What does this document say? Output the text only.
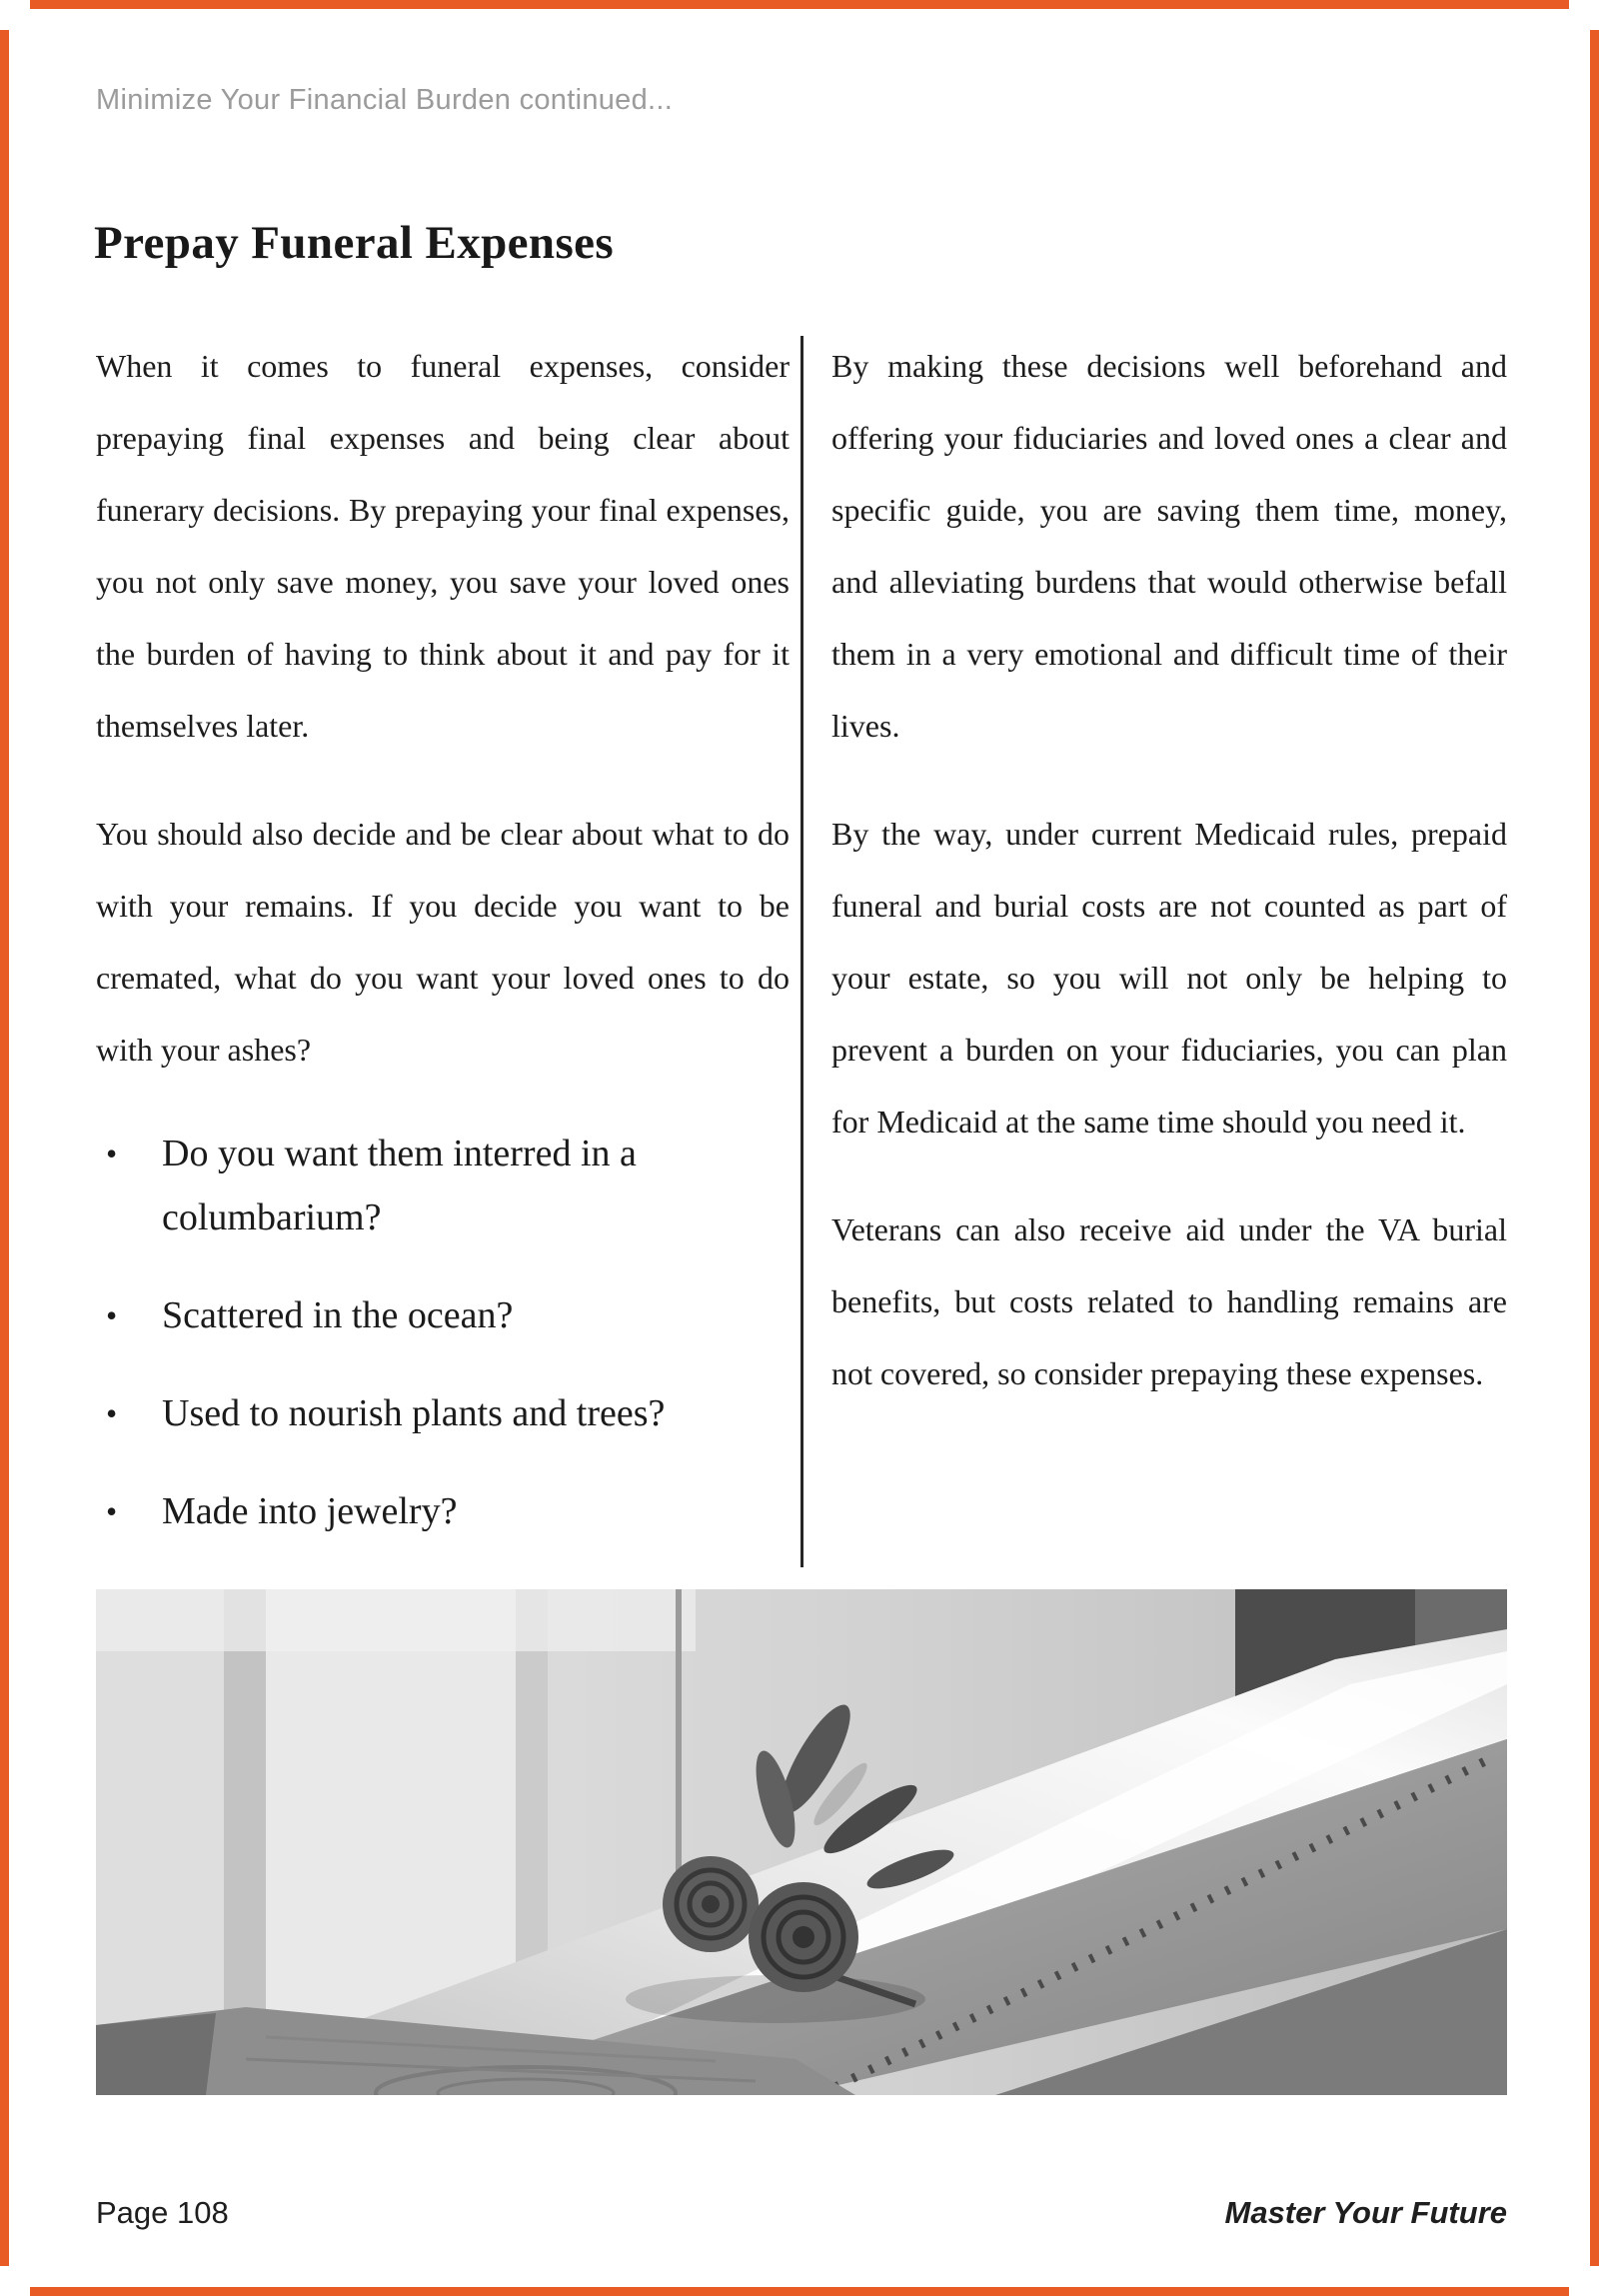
Minimize Your Financial Burden continued...
Prepay Funeral Expenses

When it comes to funeral expenses, consider prepaying final expenses and being clear about funerary decisions. By prepaying your final expenses, you not only save money, you save your loved ones the burden of having to think about it and pay for it themselves later.

You should also decide and be clear about what to do with your remains. If you decide you want to be cremated, what do you want your loved ones to do with your ashes?

•	Do you want them interred in a columbarium?
•	Scattered in the ocean?
•	Used to nourish plants and trees?
•	Made into jewelry?

By making these decisions well beforehand and offering your fiduciaries and loved ones a clear and specific guide, you are saving them time, money, and alleviating burdens that would otherwise befall them in a very emotional and difficult time of their lives.

By the way, under current Medicaid rules, prepaid funeral and burial costs are not counted as part of your estate, so you will not only be helping to prevent a burden on your fiduciaries, you can plan for Medicaid at the same time should you need it.

Veterans can also receive aid under the VA burial benefits, but costs related to handling remains are not covered, so consider prepaying these expenses.

Page 108	Master Your Future
